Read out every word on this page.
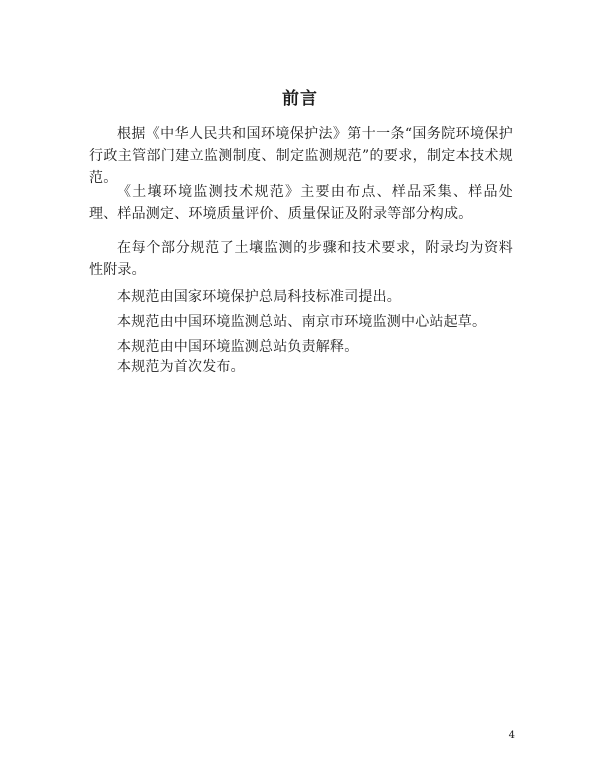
前言

根据《中华人民共和国环境保护法》第十一条“国务院环境保护行政主管部门建立监测制度、制定监测规范”的要求，制定本技术规范。

《土壤环境监测技术规范》主要由布点、样品采集、样品处理、样品测定、环境质量评价、质量保证及附录等部分构成。

在每个部分规范了土壤监测的步骤和技术要求，附录均为资料性附录。

本规范由国家环境保护总局科技标准司提出。

本规范由中国环境监测总站、南京市环境监测中心站起草。

本规范由中国环境监测总站负责解释。

本规范为首次发布。

4
